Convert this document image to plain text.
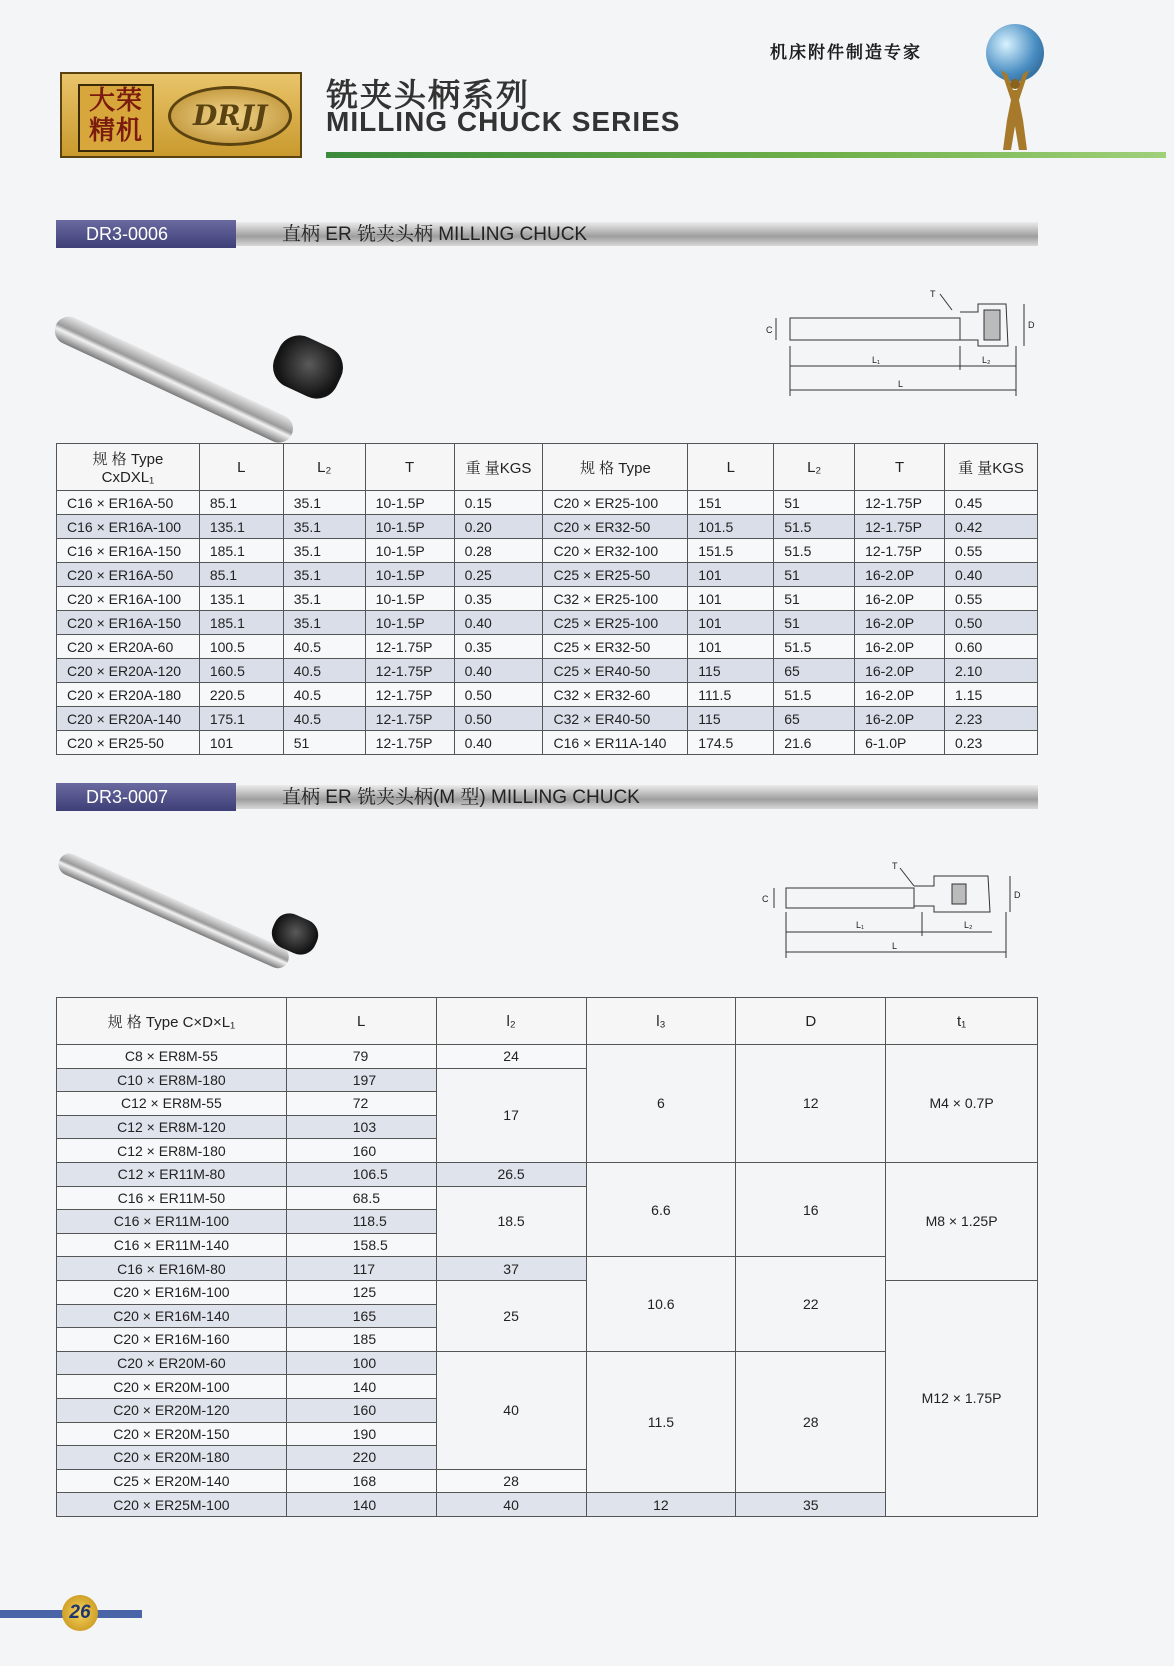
大荣精机	DRJJ
铣夹头柄系列
MILLING CHUCK SERIES
机床附件制造专家
DR3-0006	直柄 ER 铣夹头柄 MILLING CHUCK
T
C	D
L₁	L₂
L
规 格 Type
CxDXL₁	L	L₂	T	重 量KGS	规 格 Type	L	L₂	T	重 量KGS
C16 × ER16A-50	85.1	35.1	10-1.5P	0.15	C20 × ER25-100	151	51	12-1.75P	0.45
C16 × ER16A-100	135.1	35.1	10-1.5P	0.20	C20 × ER32-50	101.5	51.5	12-1.75P	0.42
C16 × ER16A-150	185.1	35.1	10-1.5P	0.28	C20 × ER32-100	151.5	51.5	12-1.75P	0.55
C20 × ER16A-50	85.1	35.1	10-1.5P	0.25	C25 × ER25-50	101	51	16-2.0P	0.40
C20 × ER16A-100	135.1	35.1	10-1.5P	0.35	C32 × ER25-100	101	51	16-2.0P	0.55
C20 × ER16A-150	185.1	35.1	10-1.5P	0.40	C25 × ER25-100	101	51	16-2.0P	0.50
C20 × ER20A-60	100.5	40.5	12-1.75P	0.35	C25 × ER32-50	101	51.5	16-2.0P	0.60
C20 × ER20A-120	160.5	40.5	12-1.75P	0.40	C25 × ER40-50	115	65	16-2.0P	2.10
C20 × ER20A-180	220.5	40.5	12-1.75P	0.50	C32 × ER32-60	111.5	51.5	16-2.0P	1.15
C20 × ER20A-140	175.1	40.5	12-1.75P	0.50	C32 × ER40-50	115	65	16-2.0P	2.23
C20 × ER25-50	101	51	12-1.75P	0.40	C16 × ER11A-140	174.5	21.6	6-1.0P	0.23
DR3-0007	直柄 ER 铣夹头柄(M 型) MILLING CHUCK
T
C	D
L₁	L₂
L
规 格 Type C×D×L₁	L	l₂	l₃	D	t₁
C8 × ER8M-55	79	24	6	12	M4 × 0.7P
C10 × ER8M-180	197	17			
C12 × ER8M-55	72				
C12 × ER8M-120	103				
C12 × ER8M-180	160				
C12 × ER11M-80	106.5	26.5	6.6	16	M8 × 1.25P
C16 × ER11M-50	68.5	18.5			
C16 × ER11M-100	118.5				
C16 × ER11M-140	158.5				
C16 × ER16M-80	117	37	10.6	22	
C20 × ER16M-100	125	25			M12 × 1.75P
C20 × ER16M-140	165				
C20 × ER16M-160	185				
C20 × ER20M-60	100	40	11.5	28	
C20 × ER20M-100	140				
C20 × ER20M-120	160				
C20 × ER20M-150	190				
C20 × ER20M-180	220				
C25 × ER20M-140	168	28			
C20 × ER25M-100	140	40	12	35	
26
